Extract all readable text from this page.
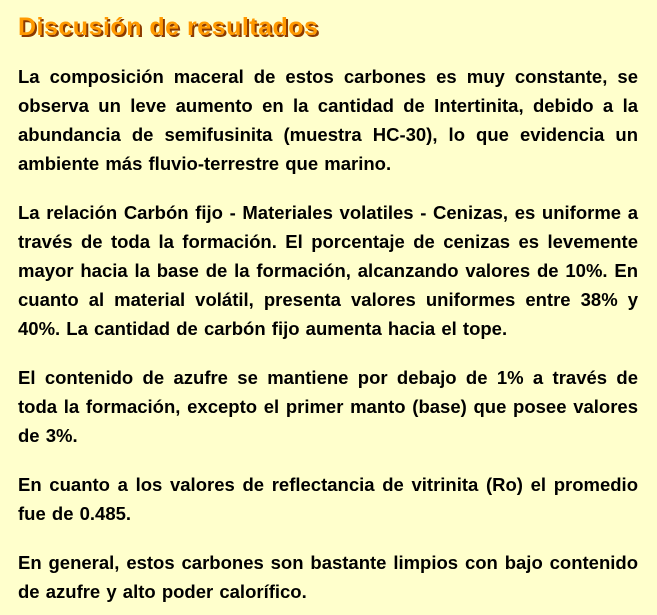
Discusión de resultados

La composición maceral de estos carbones es muy constante, se observa un leve aumento en la cantidad de Intertinita, debido a la abundancia de semifusinita (muestra HC-30), lo que evidencia un ambiente más fluvio-terrestre que marino.

La relación Carbón fijo - Materiales volatiles - Cenizas, es uniforme a través de toda la formación. El porcentaje de cenizas es levemente mayor hacia la base de la formación, alcanzando valores de 10%. En cuanto al material volátil, presenta valores uniformes entre 38% y 40%. La cantidad de carbón fijo aumenta hacia el tope.

El contenido de azufre se mantiene por debajo de 1% a través de toda la formación, excepto el primer manto (base) que posee valores de 3%.

En cuanto a los valores de reflectancia de vitrinita (Ro) el promedio fue de 0.485.

En general, estos carbones son bastante limpios con bajo contenido de azufre y alto poder calorífico.
